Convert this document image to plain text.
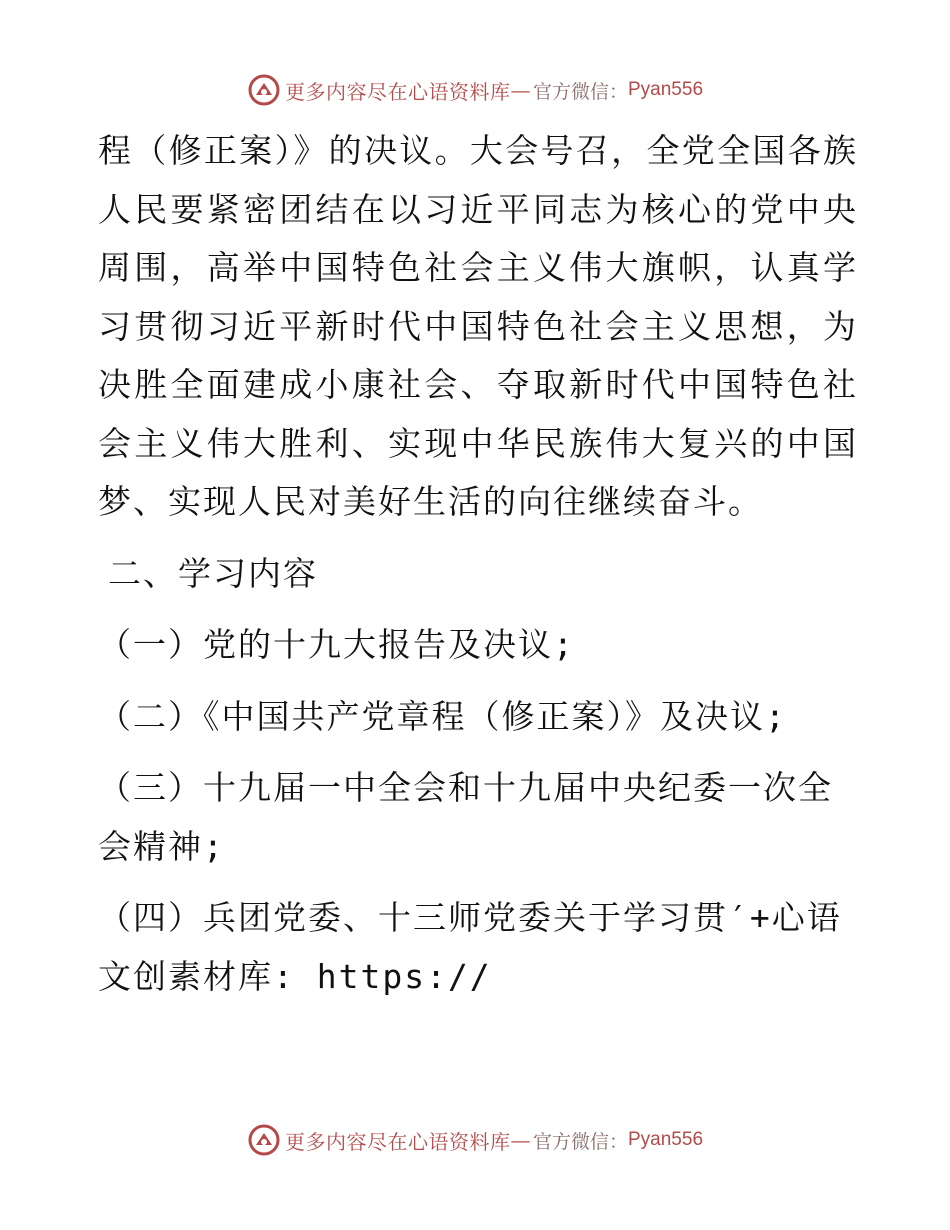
更多内容尽在心语资料库 — 官方微信： Pyan556

程（修正案）》的决议。大会号召，全党全国各族人民要紧密团结在以习近平同志为核心的党中央周围，高举中国特色社会主义伟大旗帜，认真学习贯彻习近平新时代中国特色社会主义思想，为决胜全面建成小康社会、夺取新时代中国特色社会主义伟大胜利、实现中华民族伟大复兴的中国梦、实现人民对美好生活的向往继续奋斗。

二、学习内容

（一）党的十九大报告及决议;

（二）《中国共产党章程（修正案）》及决议;

（三）十九届一中全会和十九届中央纪委一次全会精神;

（四）兵团党委、十三师党委关于学习贯′+心语文创素材库: https://

更多内容尽在心语资料库 — 官方微信： Pyan556
